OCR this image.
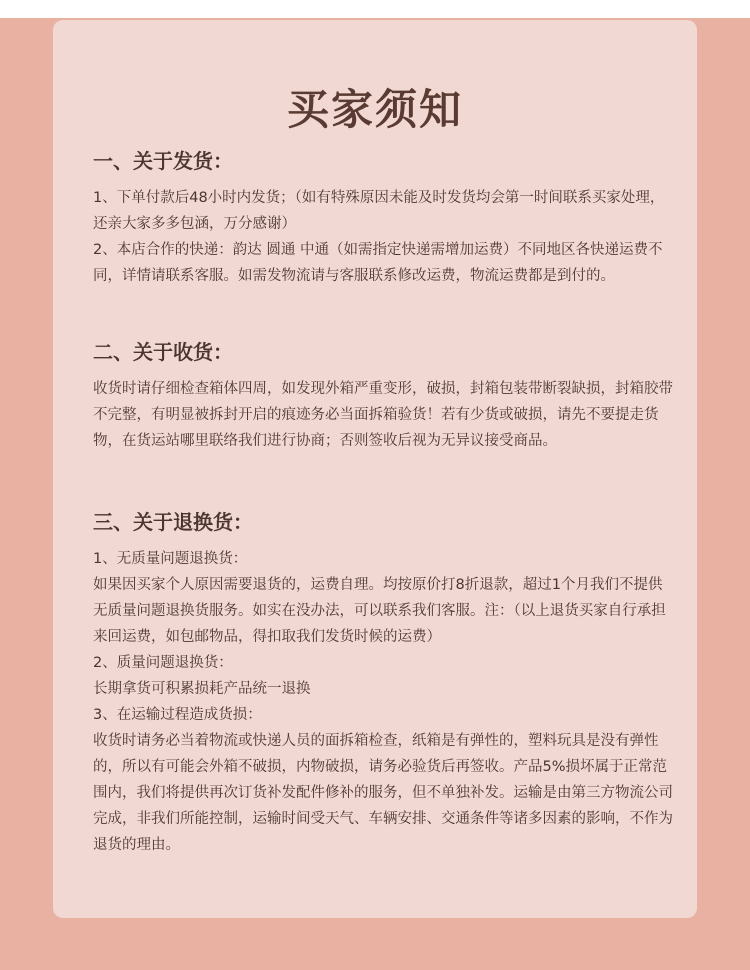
买家须知
一、关于发货：

1、下单付款后48小时内发货；（如有特殊原因未能及时发货均会第一时间联系买家处理，还亲大家多多包涵，万分感谢）

2、本店合作的快递：韵达 圆通 中通（如需指定快递需增加运费）不同地区各快递运费不同，详情请联系客服。如需发物流请与客服联系修改运费，物流运费都是到付的。

二、关于收货：

收货时请仔细检查箱体四周，如发现外箱严重变形，破损，封箱包装带断裂缺损，封箱胶带不完整，有明显被拆封开启的痕迹务必当面拆箱验货！若有少货或破损，请先不要提走货物，在货运站哪里联络我们进行协商；否则签收后视为无异议接受商品。

三、关于退换货：

1、无质量问题退换货：

如果因买家个人原因需要退货的，运费自理。均按原价打8折退款，超过1个月我们不提供无质量问题退换货服务。如实在没办法，可以联系我们客服。注：（以上退货买家自行承担来回运费，如包邮物品，得扣取我们发货时候的运费）

2、质量问题退换货：

长期拿货可积累损耗产品统一退换

3、在运输过程造成货损：

收货时请务必当着物流或快递人员的面拆箱检查，纸箱是有弹性的，塑料玩具是没有弹性的，所以有可能会外箱不破损，内物破损，请务必验货后再签收。产品5%损坏属于正常范围内，我们将提供再次订货补发配件修补的服务，但不单独补发。运输是由第三方物流公司完成，非我们所能控制，运输时间受天气、车辆安排、交通条件等诸多因素的影响，不作为退货的理由。
